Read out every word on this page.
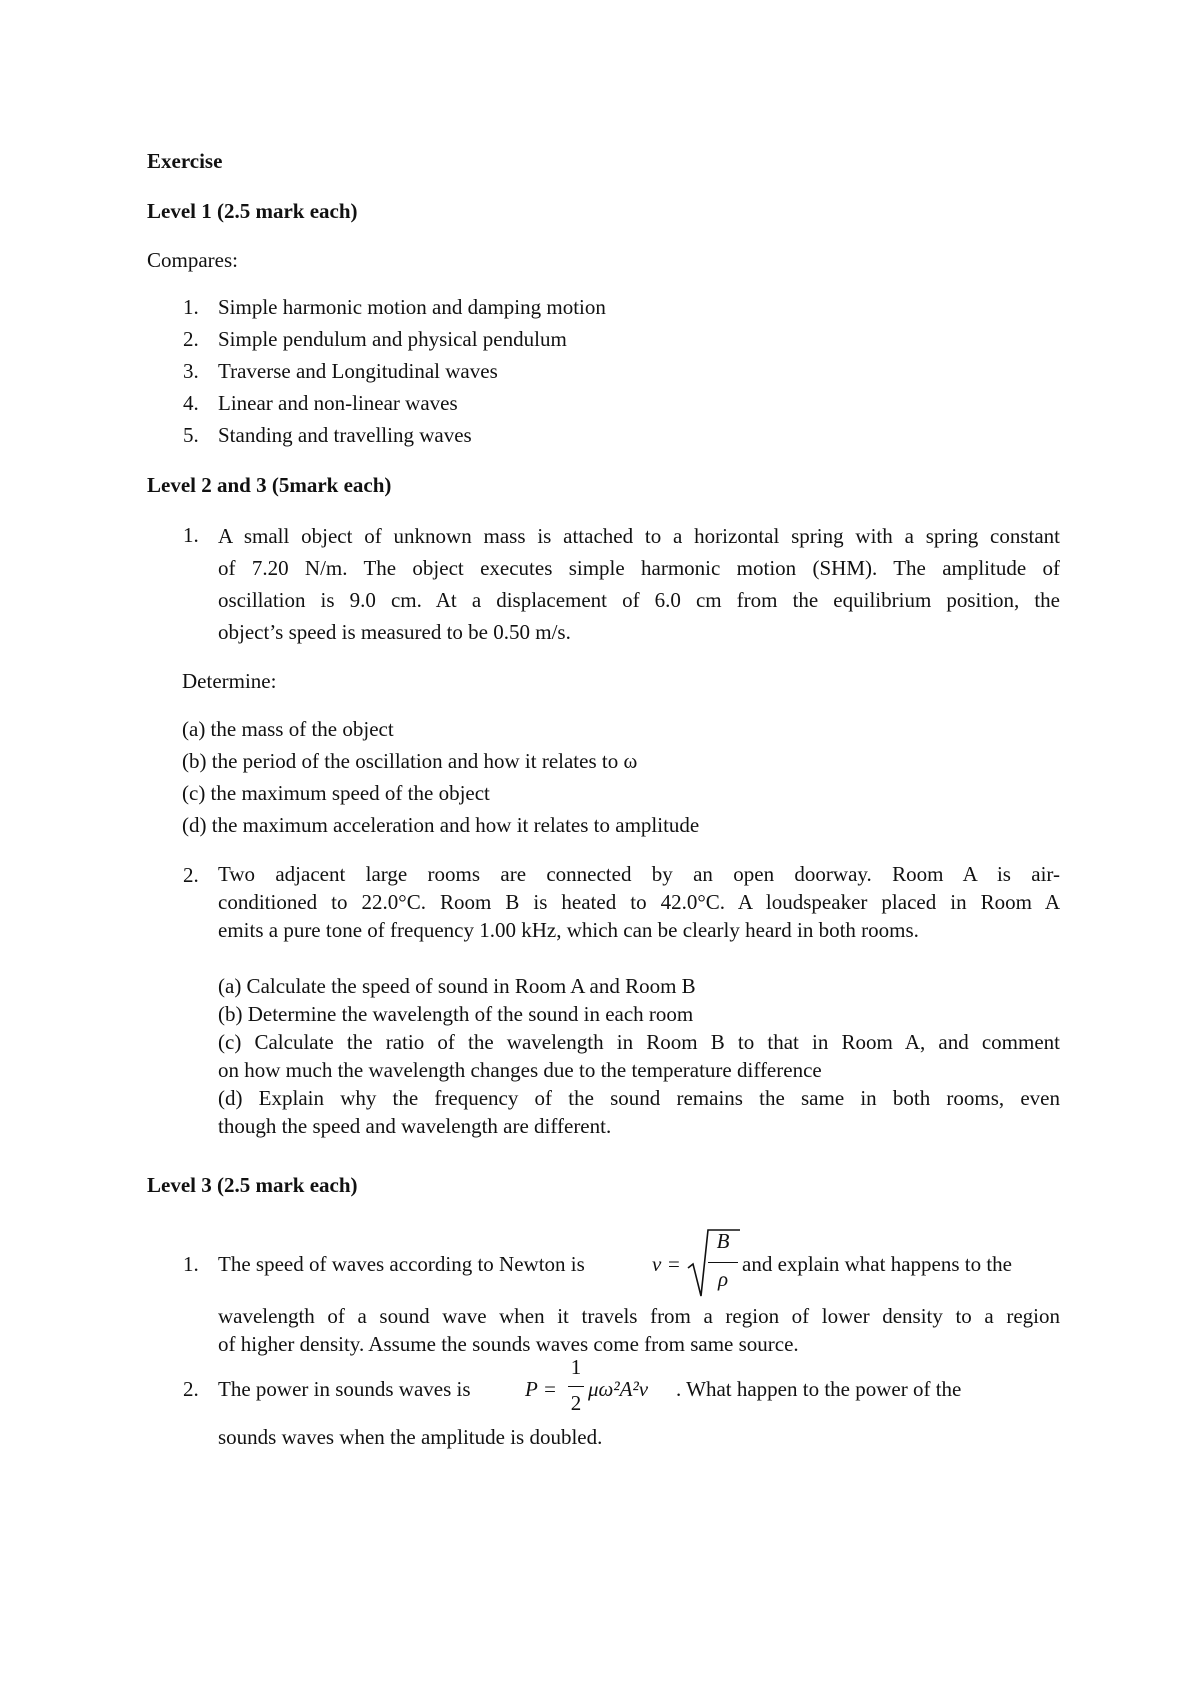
Exercise

Level 1 (2.5 mark each)

Compares:

1. Simple harmonic motion and damping motion
2. Simple pendulum and physical pendulum
3. Traverse and Longitudinal waves
4. Linear and non-linear waves
5. Standing and travelling waves

Level 2 and 3 (5mark each)

1. A small object of unknown mass is attached to a horizontal spring with a spring constant
of 7.20 N/m. The object executes simple harmonic motion (SHM). The amplitude of
oscillation is 9.0 cm. At a displacement of 6.0 cm from the equilibrium position, the
object’s speed is measured to be 0.50 m/s.
Determine:
(a) the mass of the object
(b) the period of the oscillation and how it relates to ω
(c) the maximum speed of the object
(d) the maximum acceleration and how it relates to amplitude
2. Two adjacent large rooms are connected by an open doorway. Room A is air-
conditioned to 22.0°C. Room B is heated to 42.0°C. A loudspeaker placed in Room A
emits a pure tone of frequency 1.00 kHz, which can be clearly heard in both rooms.
(a) Calculate the speed of sound in Room A and Room B
(b) Determine the wavelength of the sound in each room
(c) Calculate the ratio of the wavelength in Room B to that in Room A, and comment
on how much the wavelength changes due to the temperature difference
(d) Explain why the frequency of the sound remains the same in both rooms, even
though the speed and wavelength are different.

Level 3 (2.5 mark each)

1. The speed of waves according to Newton is	v =
B
ρ
and explain what happens to the
wavelength of a sound wave when it travels from a region of lower density to a region
of higher density. Assume the sounds waves come from same source.
2. The power in sounds waves is	P =
1
2
μω²A²v . What happen to the power of the
sounds waves when the amplitude is doubled.
